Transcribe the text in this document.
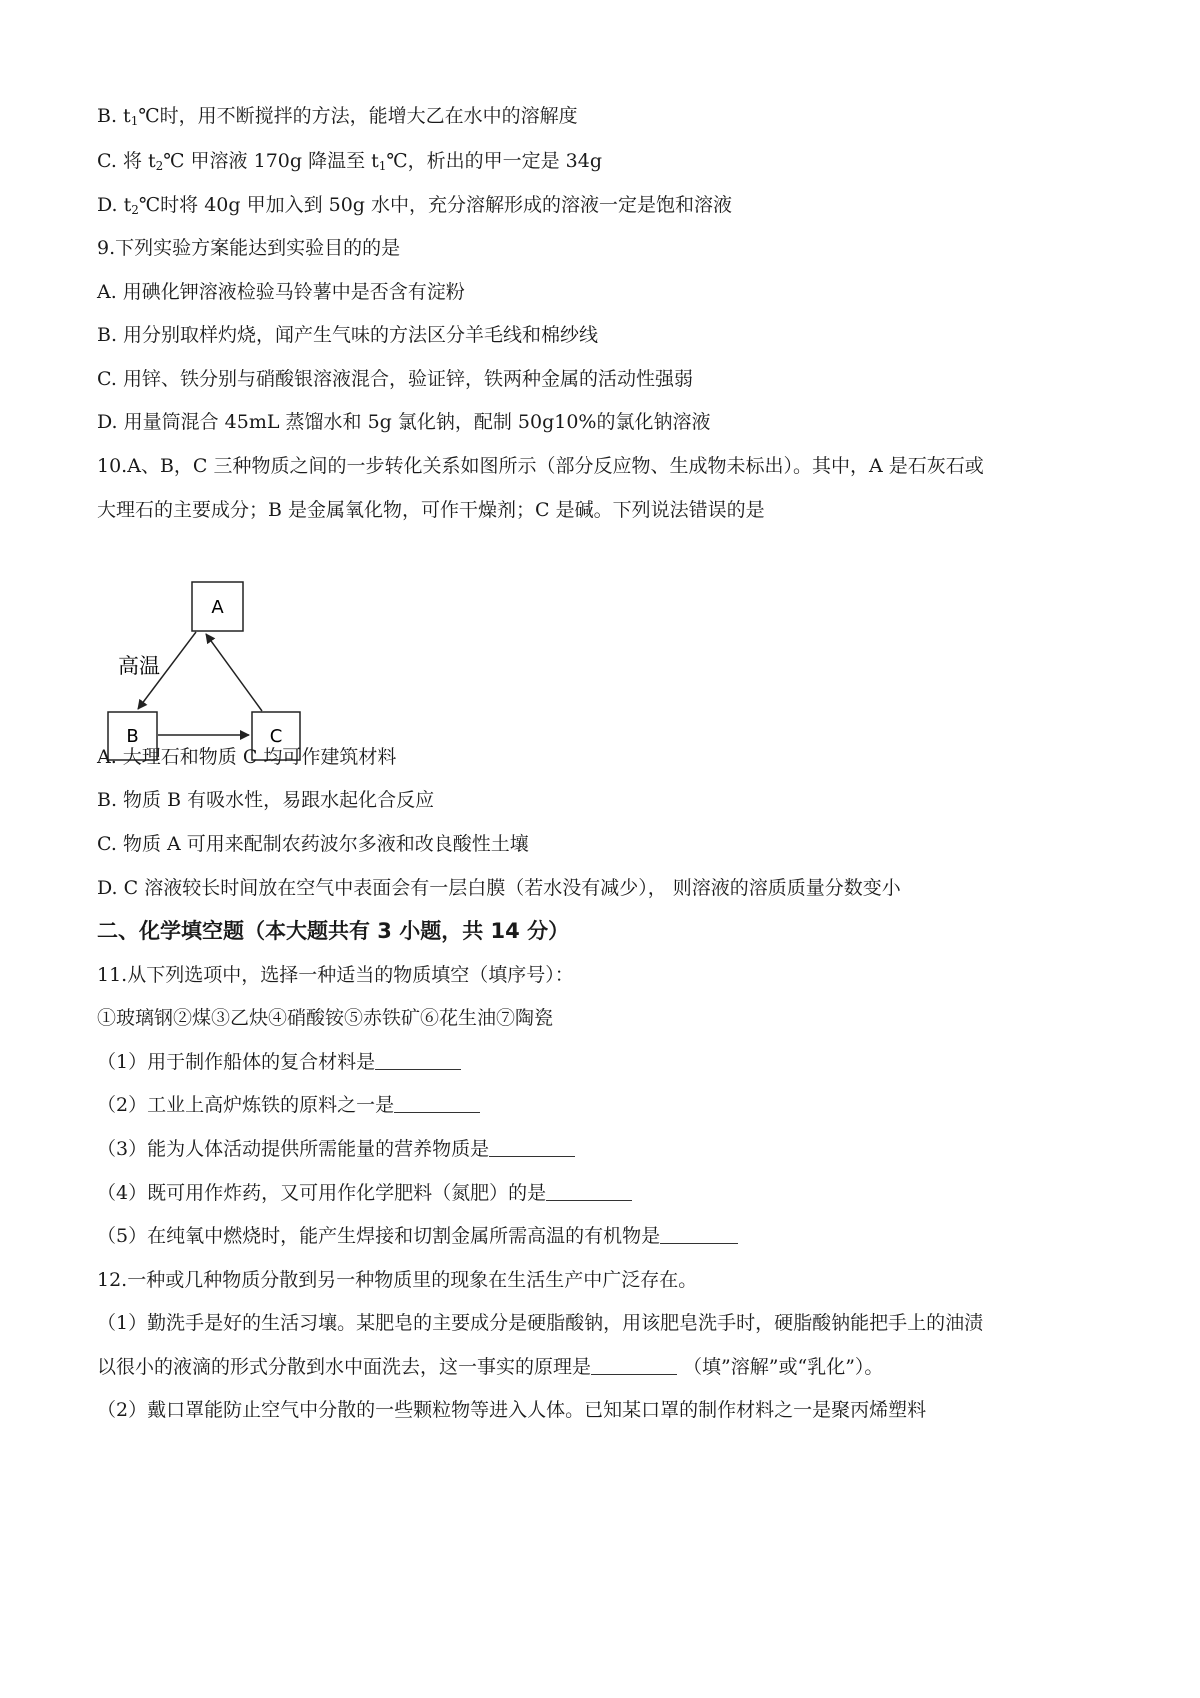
B. $t_1℃$时，用不断搅拌的方法，能增大乙在水中的溶解度
C. 将 $t_2℃$ 甲溶液 170g 降温至 $t_1℃$，析出的甲一定是 34g
D. $t_2℃$时将 40g 甲加入到 50g 水中，充分溶解形成的溶液一定是饱和溶液
9.下列实验方案能达到实验目的的是
A. 用碘化钾溶液检验马铃薯中是否含有淀粉
B. 用分别取样灼烧，闻产生气味的方法区分羊毛线和棉纱线
C. 用锌、铁分别与硝酸银溶液混合，验证锌，铁两种金属的活动性强弱
D. 用量筒混合 45mL 蒸馏水和 5g 氯化钠，配制 50g10%的氯化钠溶液
10.A、B，C 三种物质之间的一步转化关系如图所示（部分反应物、生成物未标出）。其中，A 是石灰石或
大理石的主要成分；B 是金属氧化物，可作干燥剂；C 是碱。下列说法错误的是
A
B	C
高温
A. 大理石和物质 C 均可作建筑材料
B. 物质 B 有吸水性，易跟水起化合反应
C. 物质 A 可用来配制农药波尔多液和改良酸性土壤
D. C 溶液较长时间放在空气中表面会有一层白膜（若水没有减少）， 则溶液的溶质质量分数变小
二、化学填空题（本大题共有 3 小题，共 14 分）
11.从下列选项中，选择一种适当的物质填空（填序号）：
①玻璃钢②煤③乙炔④硝酸铵⑤赤铁矿⑥花生油⑦陶瓷
（1）用于制作船体的复合材料是
（2）工业上高炉炼铁的原料之一是
（3）能为人体活动提供所需能量的营养物质是
（4）既可用作炸药，又可用作化学肥料（氮肥）的是
（5）在纯氧中燃烧时，能产生焊接和切割金属所需高温的有机物是
12.一种或几种物质分散到另一种物质里的现象在生活生产中广泛存在。
（1）勤洗手是好的生活习壤。某肥皂的主要成分是硬脂酸钠，用该肥皂洗手时，硬脂酸钠能把手上的油渍
以很小的液滴的形式分散到水中面洗去，这一事实的原理是	（填”溶解”或“乳化”）。
（2）戴口罩能防止空气中分散的一些颗粒物等进入人体。已知某口罩的制作材料之一是聚丙烯塑料
